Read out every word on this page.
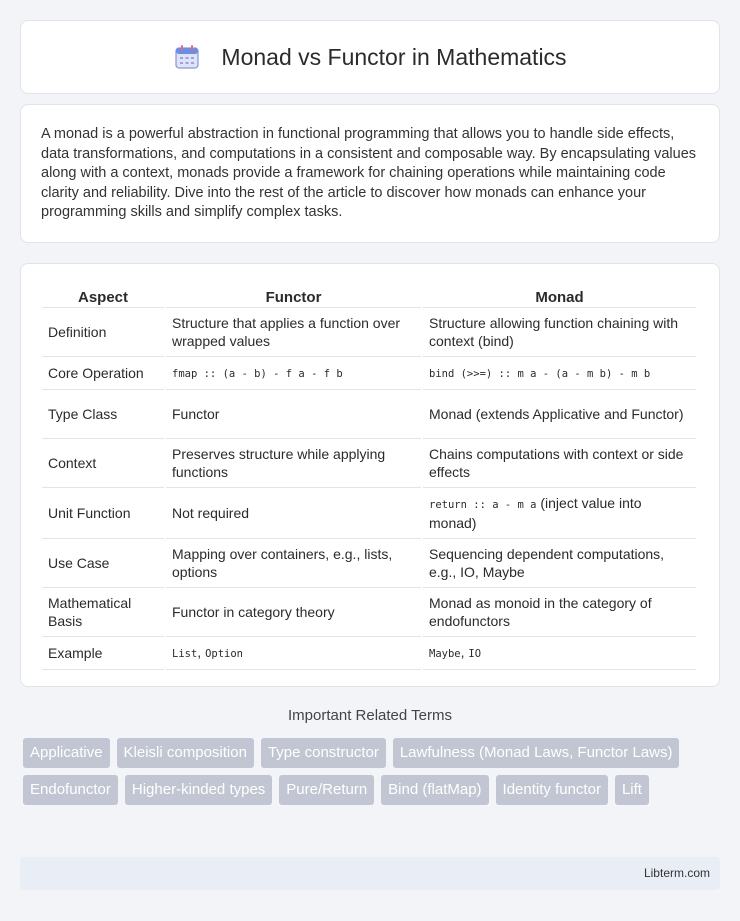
Monad vs Functor in Mathematics

A monad is a powerful abstraction in functional programming that allows you to handle side effects, data transformations, and computations in a consistent and composable way. By encapsulating values along with a context, monads provide a framework for chaining operations while maintaining code clarity and reliability. Dive into the rest of the article to discover how monads can enhance your programming skills and simplify complex tasks.

Aspect	Functor	Monad
Definition	Structure that applies a function over wrapped values	Structure allowing function chaining with context (bind)
Core Operation	fmap :: (a - b) - f a - f b	bind (>>=) :: m a - (a - m b) - m b
Type Class	Functor	Monad (extends Applicative and Functor)
Context	Preserves structure while applying functions	Chains computations with context or side effects
Unit Function	Not required	return :: a - m a (inject value into monad)
Use Case	Mapping over containers, e.g., lists, options	Sequencing dependent computations, e.g., IO, Maybe
Mathematical Basis	Functor in category theory	Monad as monoid in the category of endofunctors
Example	List, Option	Maybe, IO
Important Related Terms
Applicative	Kleisli composition	Type constructor	Lawfulness (Monad Laws, Functor Laws)
Endofunctor	Higher-kinded types	Pure/Return	Bind (flatMap)	Identity functor	Lift
Libterm.com
